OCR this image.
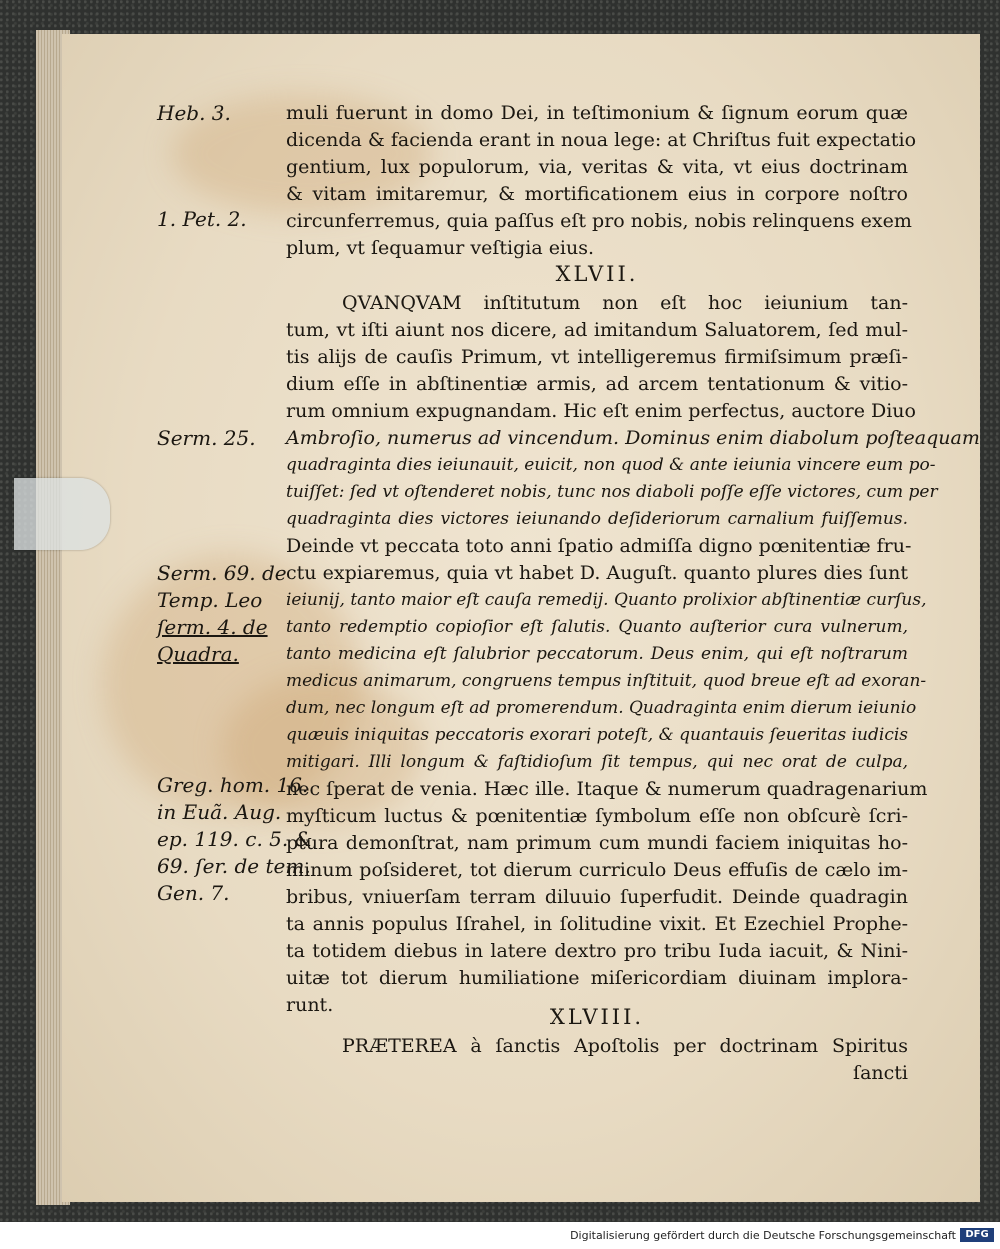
Heb. 3.
1. Pet. 2.
Serm. 25.
Serm. 69. de
Temp. Leo
ſerm. 4. de
Quadra.
Greg. hom. 16.
in Euã. Aug.
ep. 119. c. 5. &
69. ſer. de tem.
Gen. 7.
muli fuerunt in domo Dei, in teſtimonium & ſignum eorum quæ
dicenda & facienda erant in noua lege: at Chriſtus fuit expectatio
gentium, lux populorum, via, veritas & vita, vt eius doctrinam
& vitam imitaremur, & mortificationem eius in corpore noſtro
circunferremus, quia paſſus eſt pro nobis, nobis relinquens exem
plum, vt ſequamur veſtigia eius.
XLVII.
QVANQVAM inſtitutum non eſt hoc ieiunium tan-
tum, vt iſti aiunt nos dicere, ad imitandum Saluatorem, ſed mul-
tis alijs de cauſis Primum, vt intelligeremus firmiſsimum præſi-
dium eſſe in abſtinentiæ armis, ad arcem tentationum & vitio-
rum omnium expugnandam. Hic eſt enim perfectus, auctore Diuo
Ambroſio, numerus ad vincendum. Dominus enim diabolum poſteaquam
quadraginta dies ieiunauit, euicit, non quod & ante ieiunia vincere eum po-
tuiſſet: ſed vt oſtenderet nobis, tunc nos diaboli poſſe eſſe victores, cum per
quadraginta dies victores ieiunando deſideriorum carnalium fuiſſemus.
Deinde vt peccata toto anni ſpatio admiſſa digno pœnitentiæ fru-
ctu expiaremus, quia vt habet D. Auguſt. quanto plures dies ſunt
ieiunij, tanto maior eſt cauſa remedij. Quanto prolixior abſtinentiæ curſus,
tanto redemptio copioſior eſt ſalutis. Quanto auſterior cura vulnerum,
tanto medicina eſt ſalubrior peccatorum. Deus enim, qui eſt noſtrarum
medicus animarum, congruens tempus inſtituit, quod breue eſt ad exoran-
dum, nec longum eſt ad promerendum. Quadraginta enim dierum ieiunio
quæuis iniquitas peccatoris exorari poteſt, & quantauis ſeueritas iudicis
mitigari. Illi longum & faſtidioſum ſit tempus, qui nec orat de culpa,
nec ſperat de venia. Hæc ille. Itaque & numerum quadragenarium
myſticum luctus & pœnitentiæ ſymbolum eſſe non obſcurè ſcri-
ptura demonſtrat, nam primum cum mundi faciem iniquitas ho-
minum poſsideret, tot dierum curriculo Deus effuſis de cælo im-
bribus, vniuerſam terram diluuio ſuperfudit. Deinde quadragin
ta annis populus Iſrahel, in ſolitudine vixit. Et Ezechiel Prophe-
ta totidem diebus in latere dextro pro tribu Iuda iacuit, & Nini-
uitæ tot dierum humiliatione miſericordiam diuinam implora-
runt.	XLVIII.
PRÆTEREA à ſanctis Apoſtolis per doctrinam Spiritus
ſancti
Digitalisierung gefördert durch die Deutsche Forschungsgemeinschaft DFG
